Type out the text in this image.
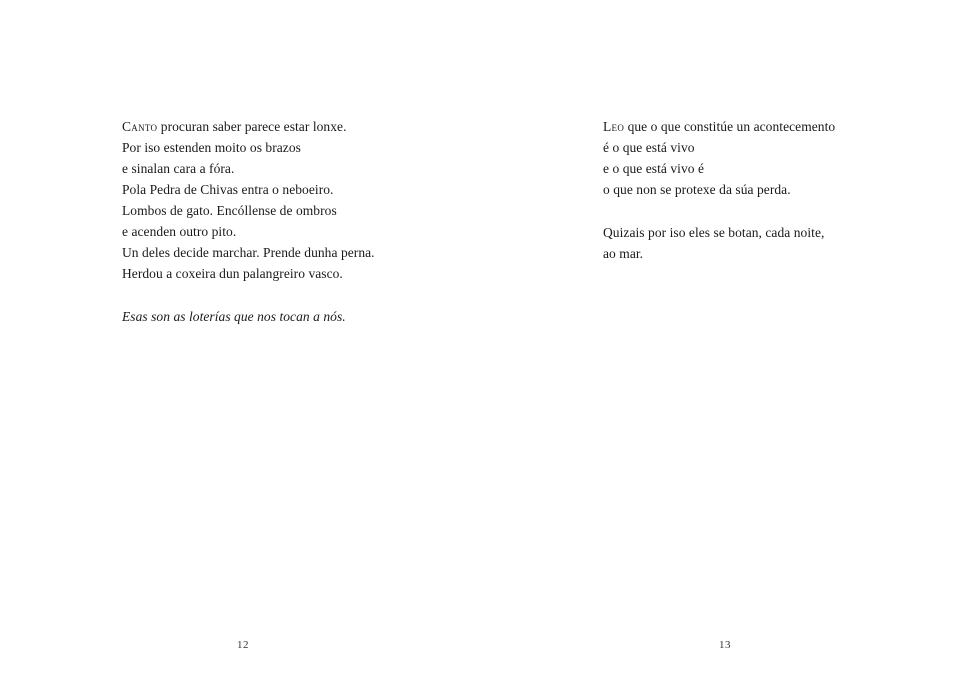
Canto procuran saber parece estar lonxe.
Por iso estenden moito os brazos
e sinalan cara a fóra.
Pola Pedra de Chivas entra o neboeiro.
Lombos de gato. Encóllense de ombros
e acenden outro pito.
Un deles decide marchar. Prende dunha perna.
Herdou a coxeira dun palangreiro vasco.
Esas son as loterías que nos tocan a nós.
12
Leo que o que constitúe un acontecemento
é o que está vivo
e o que está vivo é
o que non se protexe da súa perda.
Quizais por iso eles se botan, cada noite,
ao mar.
13
